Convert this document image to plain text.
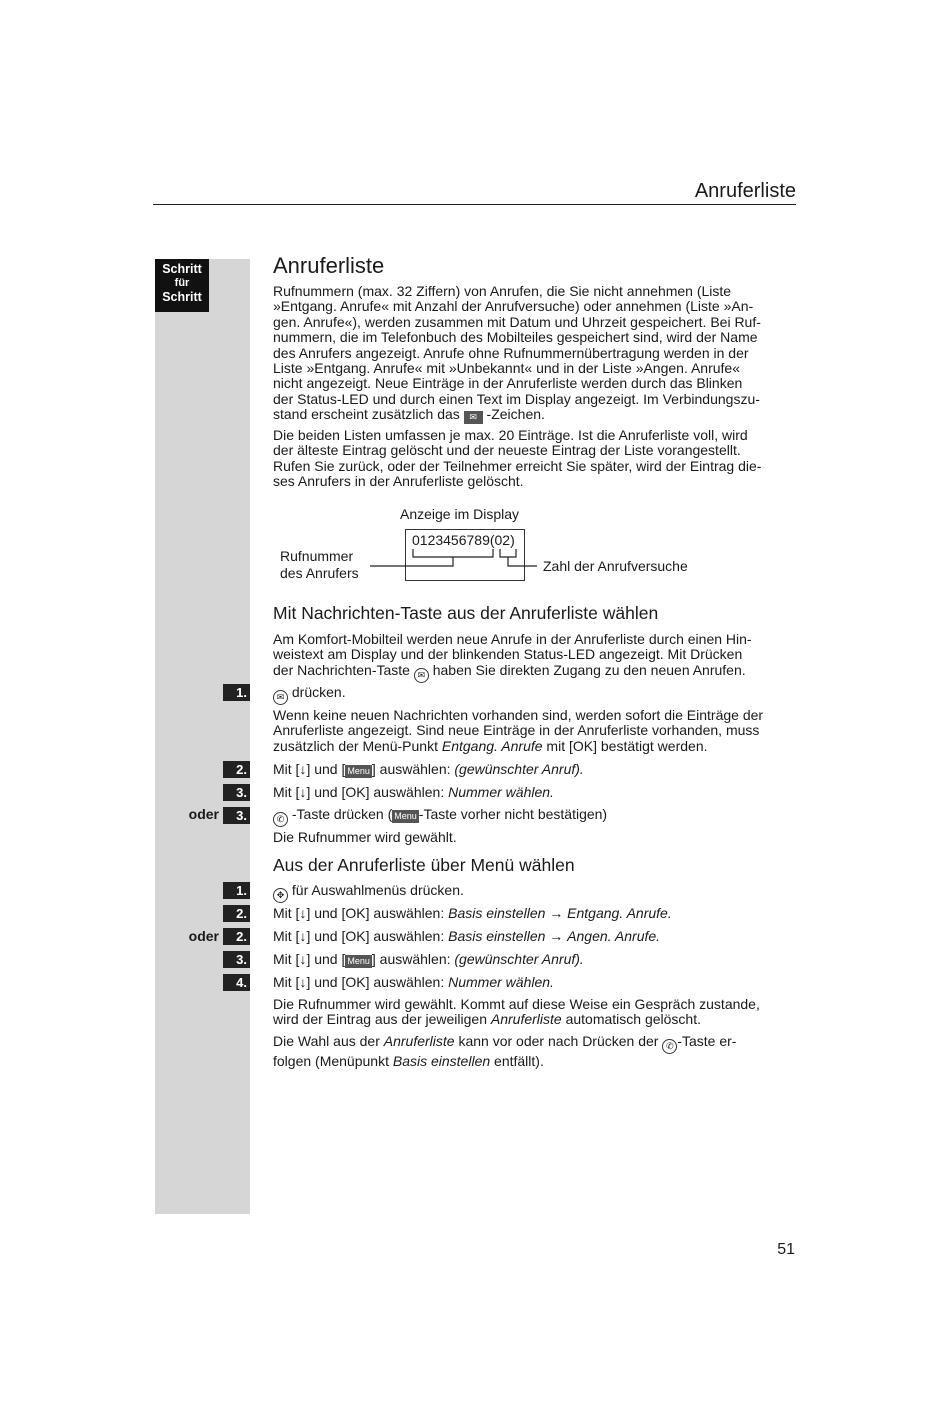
Anruferliste
Schritt
für
Schritt
Anruferliste

Rufnummern (max. 32 Ziffern) von Anrufen, die Sie nicht annehmen (Liste

»Entgang. Anrufe« mit Anzahl der Anrufversuche) oder annehmen (Liste »An-

gen. Anrufe«), werden zusammen mit Datum und Uhrzeit gespeichert. Bei Ruf-

nummern, die im Telefonbuch des Mobilteiles gespeichert sind, wird der Name

des Anrufers angezeigt. Anrufe ohne Rufnummernübertragung werden in der

Liste »Entgang. Anrufe« mit »Unbekannt« und in der Liste »Angen. Anrufe«

nicht angezeigt. Neue Einträge in der Anruferliste werden durch das Blinken

der Status-LED und durch einen Text im Display angezeigt. Im Verbindungszu-

stand erscheint zusätzlich das ✉ -Zeichen.

Die beiden Listen umfassen je max. 20 Einträge. Ist die Anruferliste voll, wird

der älteste Eintrag gelöscht und der neueste Eintrag der Liste vorangestellt.

Rufen Sie zurück, oder der Teilnehmer erreicht Sie später, wird der Eintrag die-

ses Anrufers in der Anruferliste gelöscht.

Anzeige im Display
0123456789(02)
Rufnummer
des Anrufers	Zahl der Anrufversuche
Mit Nachrichten-Taste aus der Anruferliste wählen

Am Komfort-Mobilteil werden neue Anrufe in der Anruferliste durch einen Hin-

weistext am Display und der blinkenden Status-LED angezeigt. Mit Drücken

der Nachrichten-Taste ✉ haben Sie direkten Zugang zu den neuen Anrufen.

1.	✉ drücken.

Wenn keine neuen Nachrichten vorhanden sind, werden sofort die Einträge der

Anruferliste angezeigt. Sind neue Einträge in der Anruferliste vorhanden, muss

zusätzlich der Menü-Punkt Entgang. Anrufe mit [OK] bestätigt werden.

2. Mit [↓] und [ Menu ] auswählen: (gewünschter Anruf).
3. Mit [↓] und [OK] auswählen: Nummer wählen.
oder	3.	✆ -Taste drücken ( Menu -Taste vorher nicht bestätigen)
Die Rufnummer wird gewählt.
Aus der Anruferliste über Menü wählen
1.	✥ für Auswahlmenüs drücken.
2. Mit [↓] und [OK] auswählen: Basis einstellen → Entgang. Anrufe.
oder	2. Mit [↓] und [OK] auswählen: Basis einstellen → Angen. Anrufe.
3. Mit [↓] und [ Menu ] auswählen: (gewünschter Anruf).
4. Mit [↓] und [OK] auswählen: Nummer wählen.

Die Rufnummer wird gewählt. Kommt auf diese Weise ein Gespräch zustande,

wird der Eintrag aus der jeweiligen Anruferliste automatisch gelöscht.

Die Wahl aus der Anruferliste kann vor oder nach Drücken der ✆ -Taste er-

folgen (Menüpunkt Basis einstellen entfällt).

51
